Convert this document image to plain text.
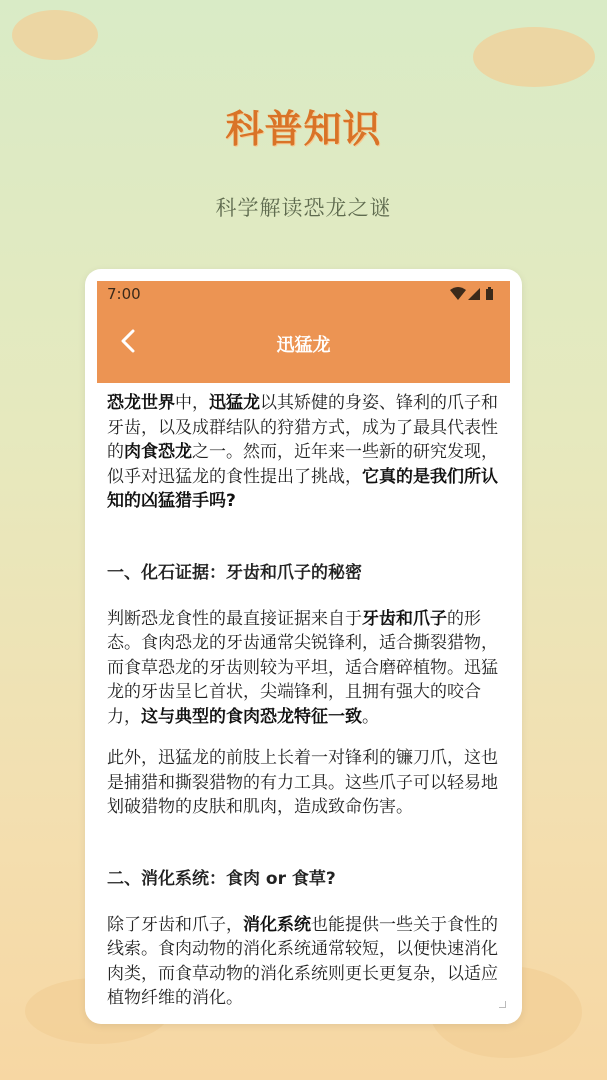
科普知识
科学解读恐龙之谜
7:00
迅猛龙

恐龙世界中，迅猛龙以其矫健的身姿、锋利的爪子和牙齿，以及成群结队的狩猎方式，成为了最具代表性的肉食恐龙之一。然而，近年来一些新的研究发现，似乎对迅猛龙的食性提出了挑战，它真的是我们所认知的凶猛猎手吗?

一、化石证据：牙齿和爪子的秘密

判断恐龙食性的最直接证据来自于牙齿和爪子的形态。食肉恐龙的牙齿通常尖锐锋利，适合撕裂猎物，而食草恐龙的牙齿则较为平坦，适合磨碎植物。迅猛龙的牙齿呈匕首状，尖端锋利，且拥有强大的咬合力，这与典型的食肉恐龙特征一致。

此外，迅猛龙的前肢上长着一对锋利的镰刀爪，这也是捕猎和撕裂猎物的有力工具。这些爪子可以轻易地划破猎物的皮肤和肌肉，造成致命伤害。

二、消化系统：食肉 or 食草?

除了牙齿和爪子，消化系统也能提供一些关于食性的线索。食肉动物的消化系统通常较短，以便快速消化肉类，而食草动物的消化系统则更长更复杂，以适应植物纤维的消化。
